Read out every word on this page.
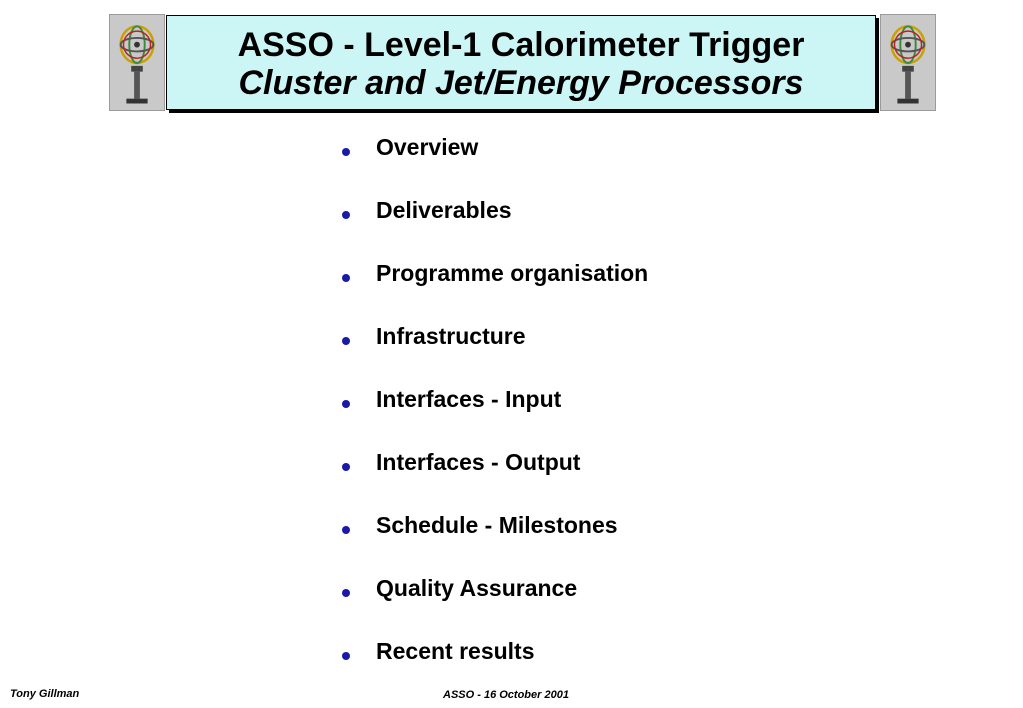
ASSO - Level-1 Calorimeter Trigger
Cluster and Jet/Energy Processors
Overview
Deliverables
Programme organisation
Infrastructure
Interfaces - Input
Interfaces - Output
Schedule - Milestones
Quality Assurance
Recent results
Tony Gillman	ASSO - 16 October 2001
